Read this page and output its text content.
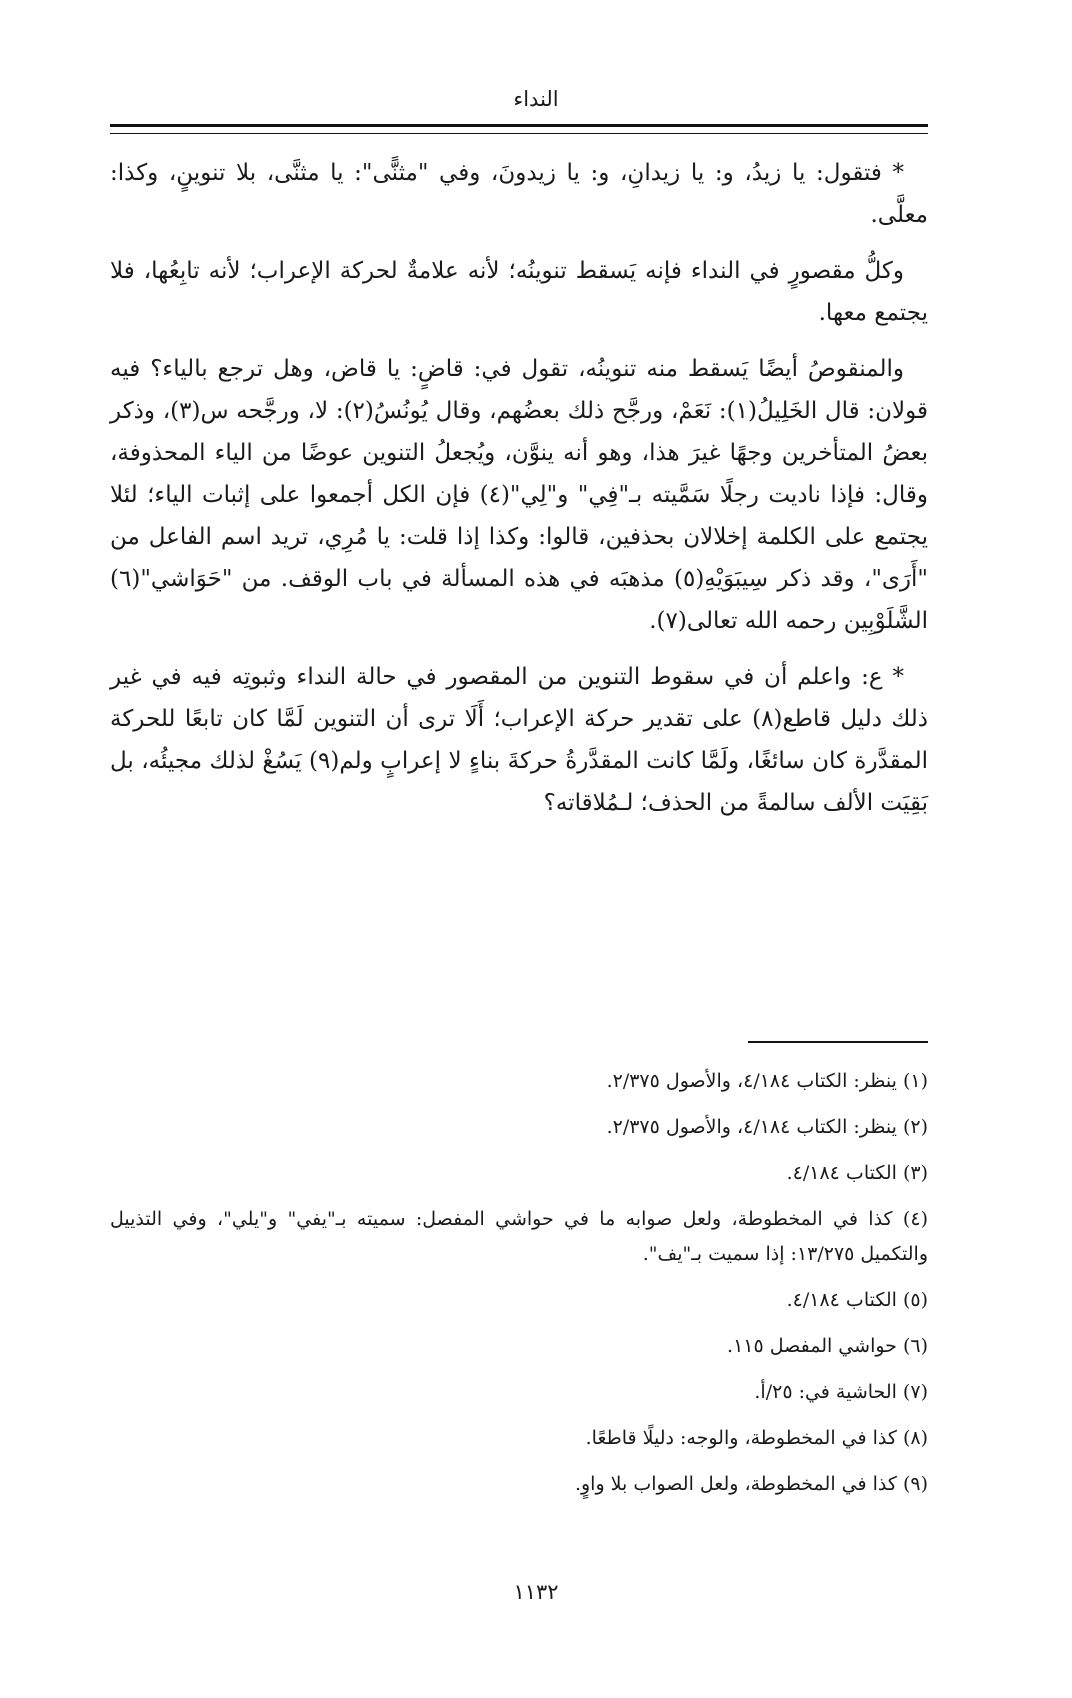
النداء

* فتقول: يا زيدُ، و: يا زيدانِ، و: يا زيدونَ، وفي "مثنًّى": يا مثنَّى، بلا تنوينٍ، وكذا: معلَّى.

وكلُّ مقصورٍ في النداء فإنه يَسقط تنوينُه؛ لأنه علامةٌ لحركة الإعراب؛ لأنه تابِعُها، فلا يجتمع معها.

والمنقوصُ أيضًا يَسقط منه تنوينُه، تقول في: قاضٍ: يا قاض، وهل ترجع بالياء؟ فيه قولان: قال الخَلِيلُ(١): نَعَمْ، ورجَّح ذلك بعضُهم، وقال يُونُسُ(٢): لا، ورجَّحه س(٣)، وذكر بعضُ المتأخرين وجهًا غيرَ هذا، وهو أنه ينوَّن، ويُجعلُ التنوين عوضًا من الياء المحذوفة، وقال: فإذا ناديت رجلًا سَمَّيته بـ"فِي" و"لِي"(٤) فإن الكل أجمعوا على إثبات الياء؛ لئلا يجتمع على الكلمة إخلالان بحذفين، قالوا: وكذا إذا قلت: يا مُرِي، تريد اسم الفاعل من "أَرَى"، وقد ذكر سِيبَوَيْهِ(٥) مذهبَه في هذه المسألة في باب الوقف. من "حَوَاشي"(٦) الشَّلَوْبِين رحمه الله تعالى(٧).

* ع: واعلم أن في سقوط التنوين من المقصور في حالة النداء وثبوتِه فيه في غير ذلك دليل قاطع(٨) على تقدير حركة الإعراب؛ أَلَا ترى أن التنوين لَمَّا كان تابعًا للحركة المقدَّرة كان سائغًا، ولَمَّا كانت المقدَّرةُ حركةَ بناءٍ لا إعرابٍ ولم(٩) يَسُغْ لذلك مجيئُه، بل بَقِيَت الألف سالمةً من الحذف؛ لـمُلاقاته؟

(١) ينظر: الكتاب ٤/١٨٤، والأصول ٢/٣٧٥.
(٢) ينظر: الكتاب ٤/١٨٤، والأصول ٢/٣٧٥.
(٣) الكتاب ٤/١٨٤.
(٤) كذا في المخطوطة، ولعل صوابه ما في حواشي المفصل: سميته بـ"يفي" و"يلي"، وفي التذييل والتكميل ١٣/٢٧٥: إذا سميت بـ"يف".
(٥) الكتاب ٤/١٨٤.
(٦) حواشي المفصل ١١٥.
(٧) الحاشية في: ٢٥/أ.
(٨) كذا في المخطوطة، والوجه: دليلًا قاطعًا.
(٩) كذا في المخطوطة، ولعل الصواب بلا واوٍ.
١١٣٢
